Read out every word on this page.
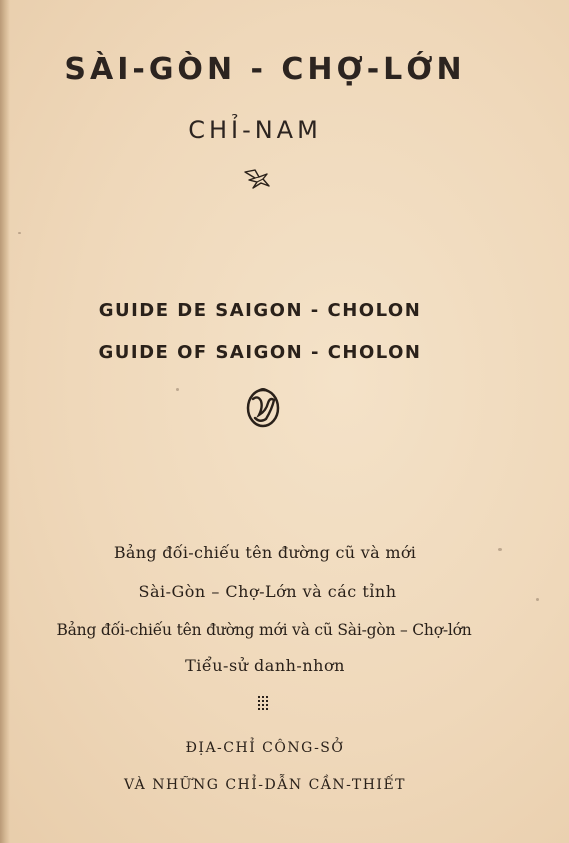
SÀI-GÒN - CHỢ-LỚN
CHỈ-NAM
GUIDE DE SAIGON - CHOLON
GUIDE OF SAIGON - CHOLON
Bảng đối-chiếu tên đường cũ và mới
Sài-Gòn – Chợ-Lớn và các tỉnh
Bảng đối-chiếu tên đường mới và cũ Sài-gòn – Chợ-lớn
Tiểu-sử danh-nhơn
ĐỊA-CHỈ CÔNG-SỞ
VÀ NHỮNG CHỈ-DẪN CẦN-THIẾT
